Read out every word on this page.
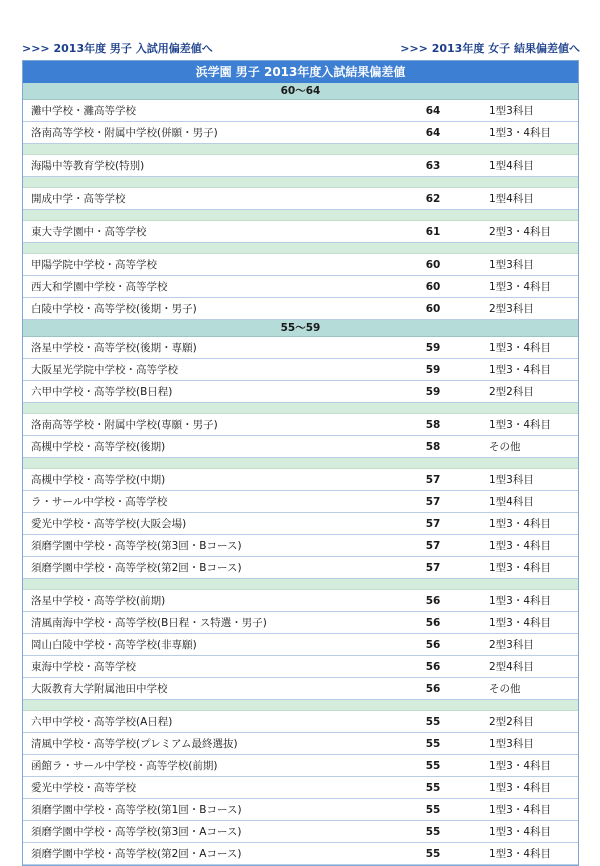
>>> 2013年度 男子 入試用偏差値へ	>>> 2013年度 女子 結果偏差値へ
浜学園 男子 2013年度入試結果偏差値
60～64
灘中学校・灘高等学校	64	1型3科目
洛南高等学校・附属中学校(併願・男子)	64	1型3・4科目
海陽中等教育学校(特別)	63	1型4科目
開成中学・高等学校	62	1型4科目
東大寺学園中・高等学校	61	2型3・4科目
甲陽学院中学校・高等学校	60	1型3科目
西大和学園中学校・高等学校	60	1型3・4科目
白陵中学校・高等学校(後期・男子)	60	2型3科目
55～59
洛星中学校・高等学校(後期・専願)	59	1型3・4科目
大阪星光学院中学校・高等学校	59	1型3・4科目
六甲中学校・高等学校(B日程)	59	2型2科目
洛南高等学校・附属中学校(専願・男子)	58	1型3・4科目
高槻中学校・高等学校(後期)	58	その他
高槻中学校・高等学校(中期)	57	1型3科目
ラ・サール中学校・高等学校	57	1型4科目
愛光中学校・高等学校(大阪会場)	57	1型3・4科目
須磨学園中学校・高等学校(第3回・Bコース)	57	1型3・4科目
須磨学園中学校・高等学校(第2回・Bコース)	57	1型3・4科目
洛星中学校・高等学校(前期)	56	1型3・4科目
清風南海中学校・高等学校(B日程・ス特選・男子)	56	1型3・4科目
岡山白陵中学校・高等学校(非専願)	56	2型3科目
東海中学校・高等学校	56	2型4科目
大阪教育大学附属池田中学校	56	その他
六甲中学校・高等学校(A日程)	55	2型2科目
清風中学校・高等学校(プレミアム最終選抜)	55	1型3科目
函館ラ・サール中学校・高等学校(前期)	55	1型3・4科目
愛光中学校・高等学校	55	1型3・4科目
須磨学園中学校・高等学校(第1回・Bコース)	55	1型3・4科目
須磨学園中学校・高等学校(第3回・Aコース)	55	1型3・4科目
須磨学園中学校・高等学校(第2回・Aコース)	55	1型3・4科目
